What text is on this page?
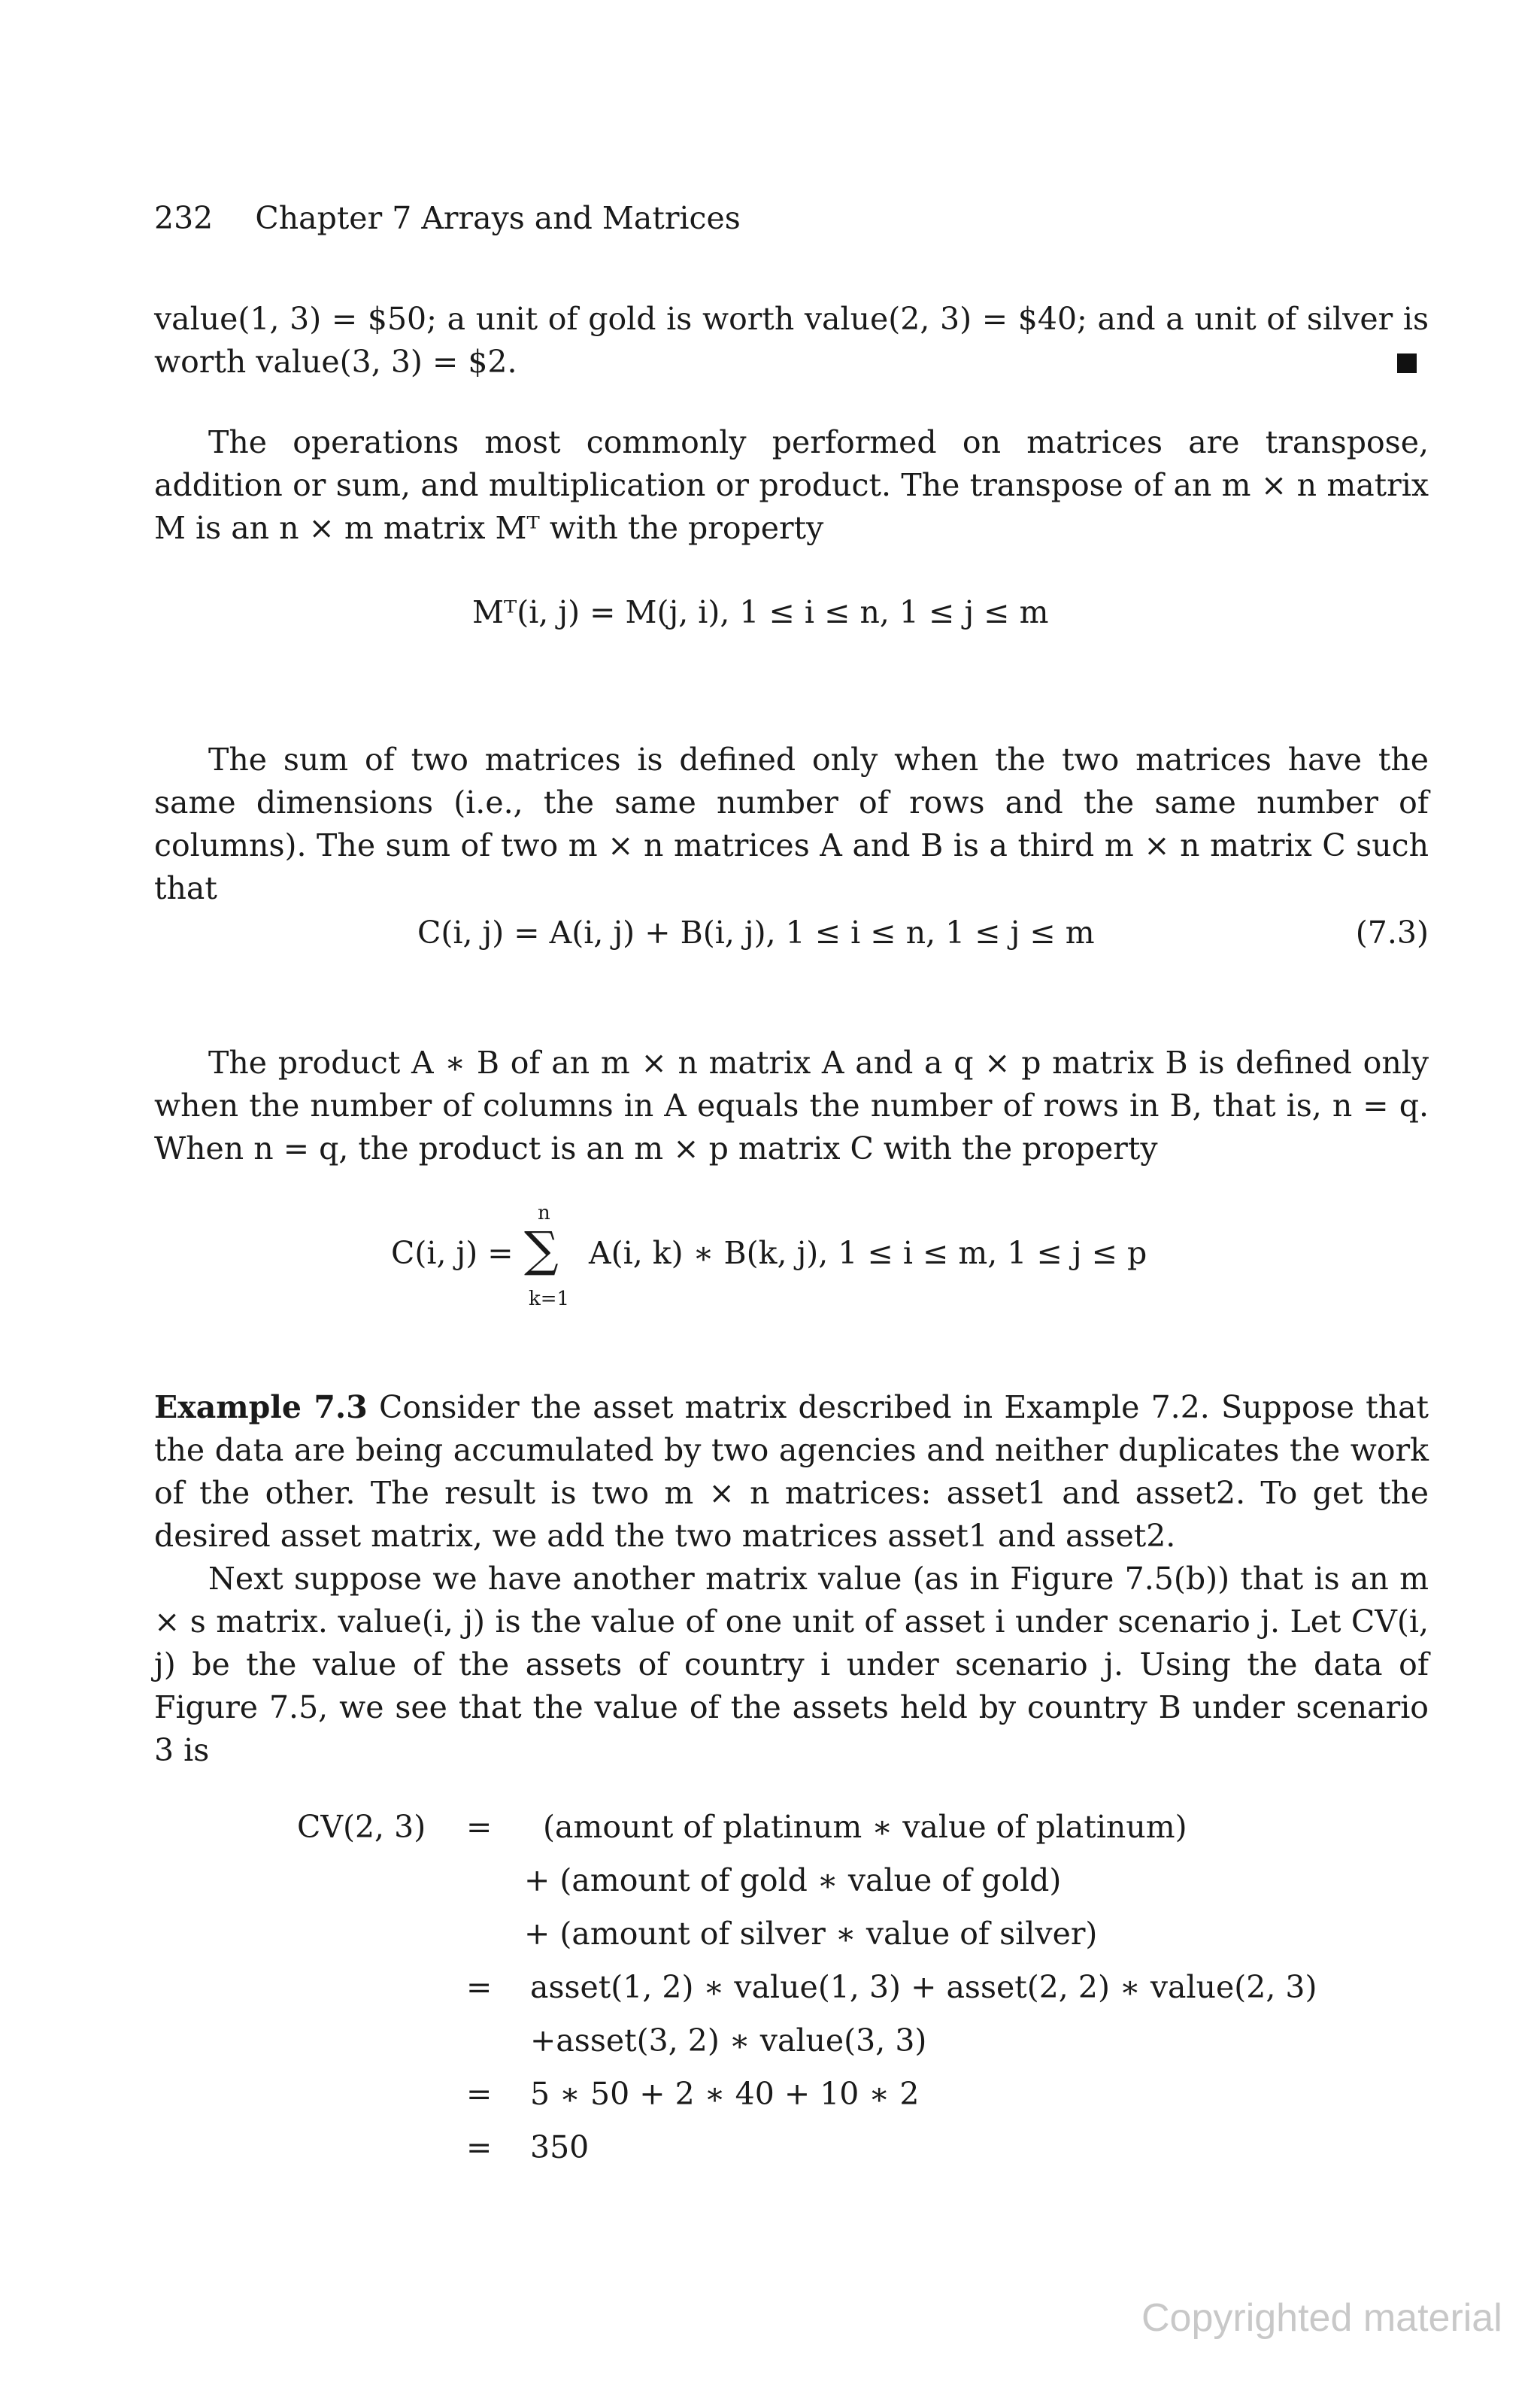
232 Chapter 7 Arrays and Matrices

value(1, 3) = $50; a unit of gold is worth value(2, 3) = $40; and a unit of silver is worth value(3, 3) = $2.

The operations most commonly performed on matrices are transpose, addition or sum, and multiplication or product. The transpose of an m × n matrix M is an n × m matrix Mᵀ with the property

Mᵀ(i, j) = M(j, i), 1 ≤ i ≤ n, 1 ≤ j ≤ m

The sum of two matrices is defined only when the two matrices have the same dimensions (i.e., the same number of rows and the same number of columns). The sum of two m × n matrices A and B is a third m × n matrix C such that

C(i, j) = A(i, j) + B(i, j), 1 ≤ i ≤ n, 1 ≤ j ≤ m	(7.3)

The product A ∗ B of an m × n matrix A and a q × p matrix B is defined only when the number of columns in A equals the number of rows in B, that is, n = q. When n = q, the product is an m × p matrix C with the property

C(i, j) =
n
∑
k=1
A(i, k) ∗ B(k, j), 1 ≤ i ≤ m, 1 ≤ j ≤ p

Example 7.3 Consider the asset matrix described in Example 7.2. Suppose that the data are being accumulated by two agencies and neither duplicates the work of the other. The result is two m × n matrices: asset1 and asset2. To get the desired asset matrix, we add the two matrices asset1 and asset2.

Next suppose we have another matrix value (as in Figure 7.5(b)) that is an m × s matrix. value(i, j) is the value of one unit of asset i under scenario j. Let CV(i, j) be the value of the assets of country i under scenario j. Using the data of Figure 7.5, we see that the value of the assets held by country B under scenario 3 is

CV(2, 3) = (amount of platinum ∗ value of platinum)
+ (amount of gold ∗ value of gold)
+ (amount of silver ∗ value of silver)
= asset(1, 2) ∗ value(1, 3) + asset(2, 2) ∗ value(2, 3)
+asset(3, 2) ∗ value(3, 3)
= 5 ∗ 50 + 2 ∗ 40 + 10 ∗ 2
= 350
Copyrighted material
